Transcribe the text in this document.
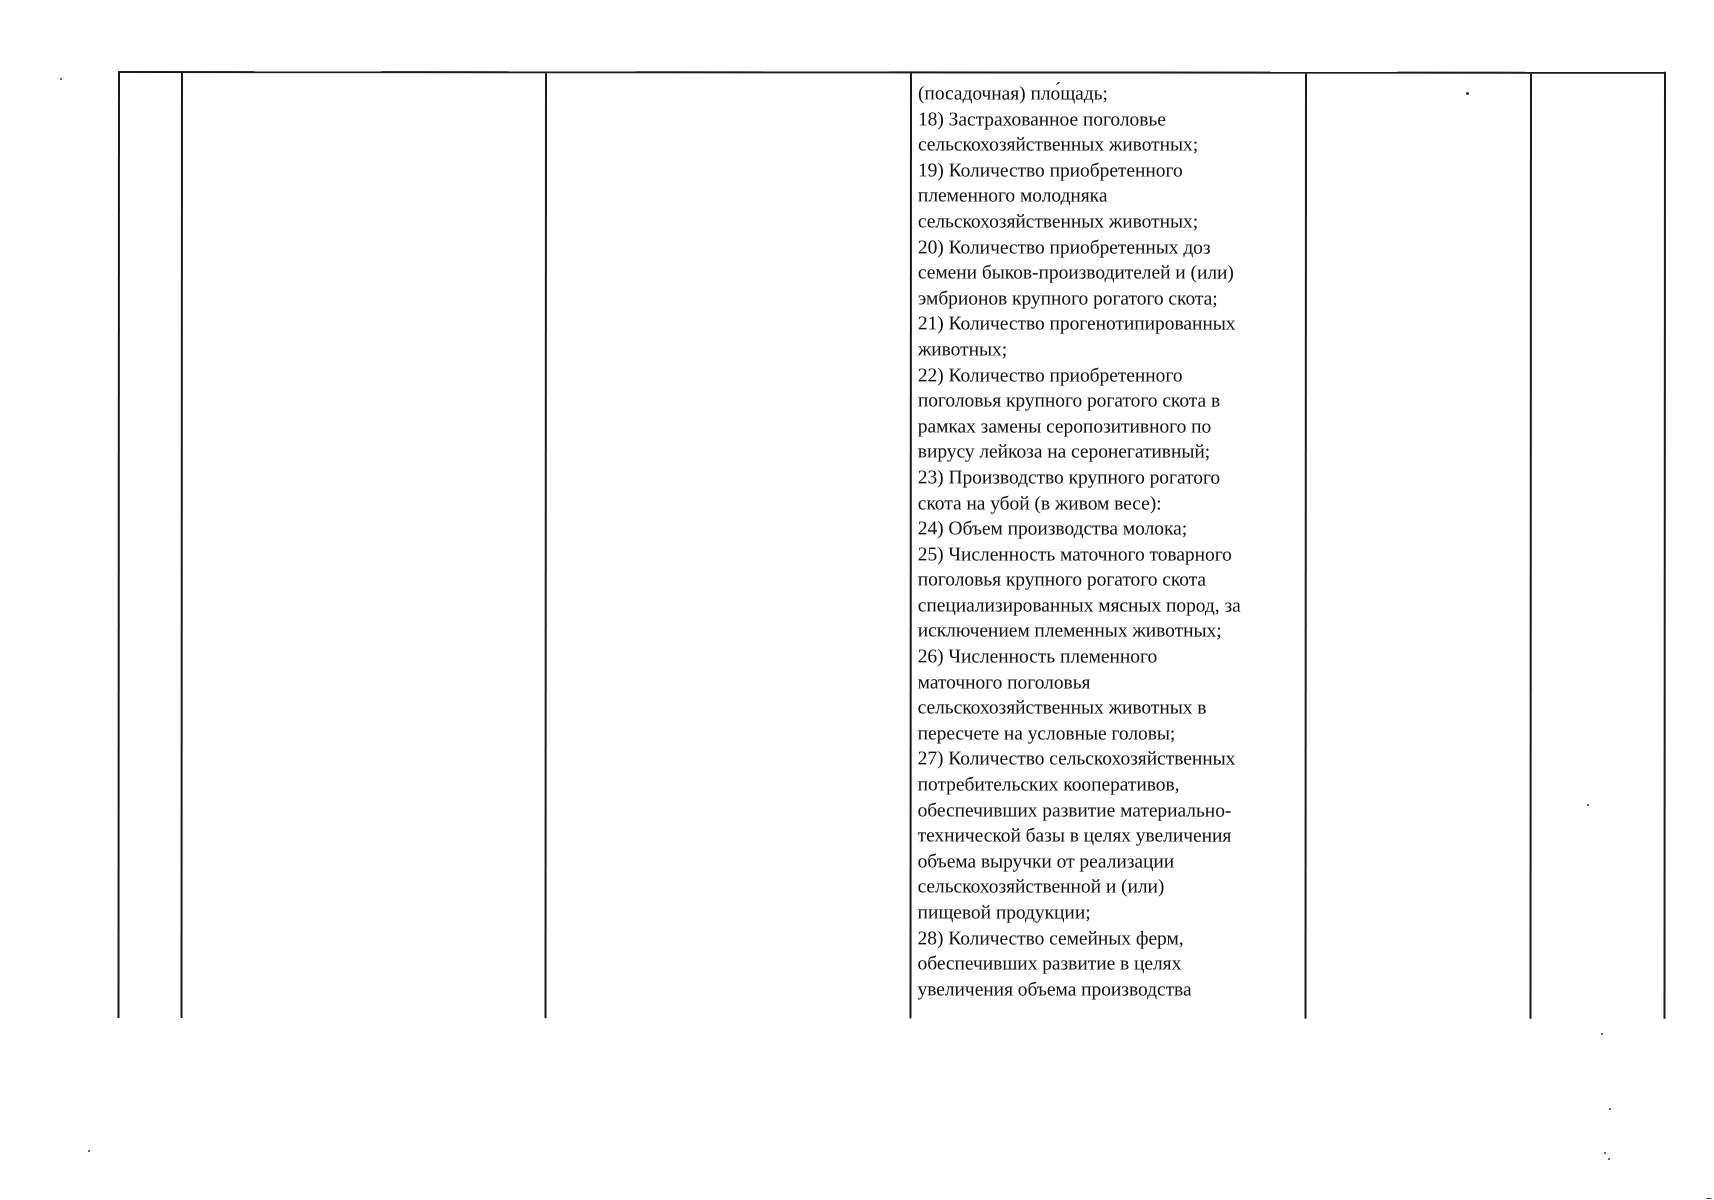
(посадочная) пло́щадь;
18) Застрахованное поголовье
сельскохозяйственных животных;
19) Количество приобретенного
племенного молодняка
сельскохозяйственных животных;
20) Количество приобретенных доз
семени быков-производителей и (или)
эмбрионов крупного рогатого скота;
21) Количество прогенотипированных
животных;
22) Количество приобретенного
поголовья крупного рогатого скота в
рамках замены серопозитивного по
вирусу лейкоза на серонегативный;
23) Производство крупного рогатого
скота на убой (в живом весе):
24) Объем производства молока;
25) Численность маточного товарного
поголовья крупного рогатого скота
специализированных мясных пород, за
исключением племенных животных;
26) Численность племенного
маточного поголовья
сельскохозяйственных животных в
пересчете на условные головы;
27) Количество сельскохозяйственных
потребительских кооперативов,
обеспечивших развитие материально-
технической базы в целях увеличения
объема выручки от реализации
сельскохозяйственной и (или)
пищевой продукции;
28) Количество семейных ферм,
обеспечивших развитие в целях
увеличения объема производства
